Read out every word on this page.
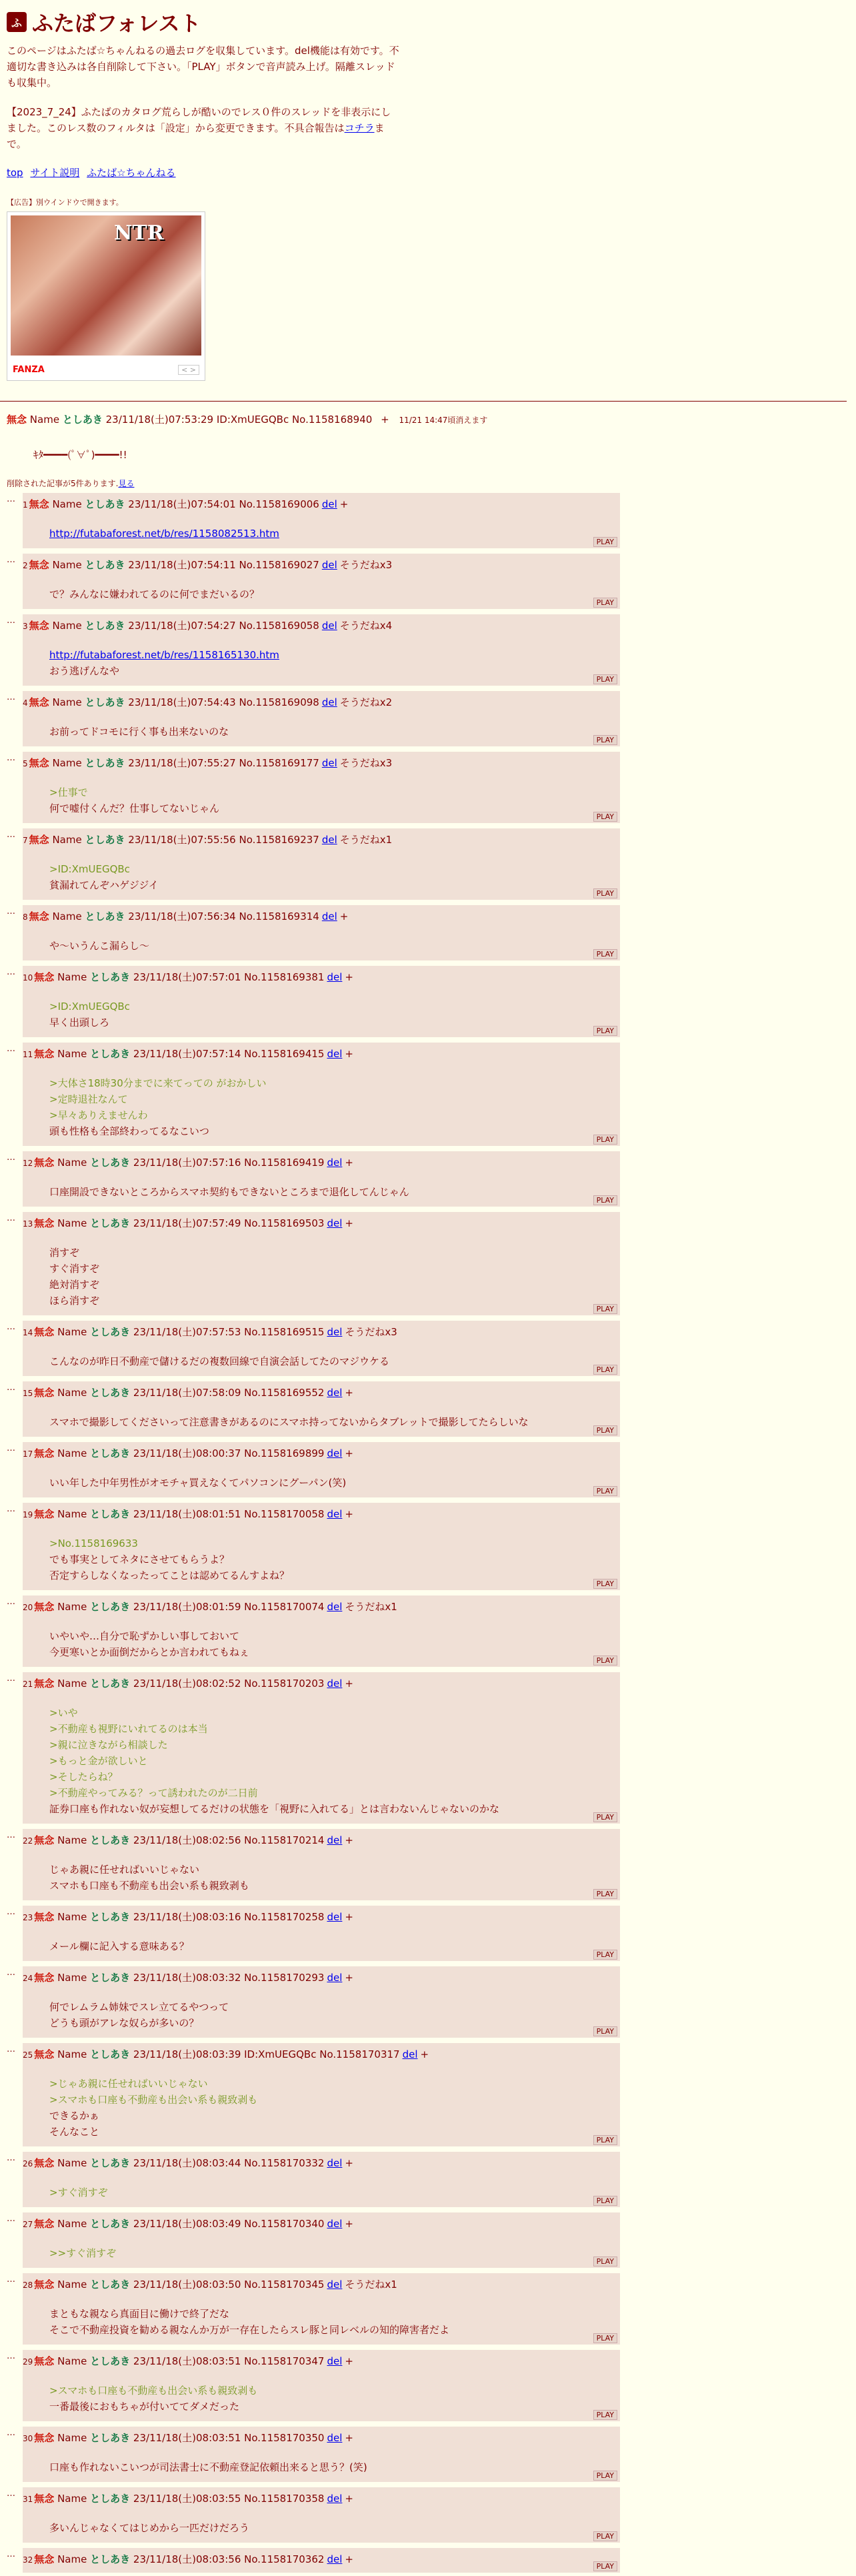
ふ ふたばフォレスト

このページはふたば☆ちゃんねるの過去ログを収集しています。del機能は有効です。不適切な書き込みは各自削除して下さい。「PLAY」ボタンで音声読み上げ。隔離スレッドも収集中。

【2023_7_24】ふたばのカタログ荒らしが酷いのでレス０件のスレッドを非表示にしました。このレス数のフィルタは「設定」から変更できます。不具合報告はコチラまで。

top サイト説明 ふたば☆ちゃんねる
【広告】別ウインドウで開きます。
NTR
FANZA	< >
無念 Name としあき 23/11/18(土)07:53:29 ID:XmUEGQBc No.1158168940 + 11/21 14:47頃消えます
ｷﾀ━━━━(ﾟ∀ﾟ)━━━━!!
削除された記事が5件あります.見る
…
1 無念 Name としあき 23/11/18(土)07:54:01 No.1158169006 del +
http://futabaforest.net/b/res/1158082513.htm

PLAY
…
2 無念 Name としあき 23/11/18(土)07:54:11 No.1158169027 del そうだねx3
で？みんなに嫌われてるのに何でまだいるの？

PLAY
…
3 無念 Name としあき 23/11/18(土)07:54:27 No.1158169058 del そうだねx4
http://futabaforest.net/b/res/1158165130.htm
おう逃げんなや

PLAY
…
4 無念 Name としあき 23/11/18(土)07:54:43 No.1158169098 del そうだねx2
お前ってドコモに行く事も出来ないのな

PLAY
…
5 無念 Name としあき 23/11/18(土)07:55:27 No.1158169177 del そうだねx3
>仕事で
何で嘘付くんだ？仕事してないじゃん

PLAY
…
7 無念 Name としあき 23/11/18(土)07:55:56 No.1158169237 del そうだねx1
>ID:XmUEGQBc
貧漏れてんぞハゲジジイ

PLAY
…
8 無念 Name としあき 23/11/18(土)07:56:34 No.1158169314 del +
や〜いうんこ漏らし〜

PLAY
…
10 無念 Name としあき 23/11/18(土)07:57:01 No.1158169381 del +
>ID:XmUEGQBc
早く出頭しろ

PLAY
…
11 無念 Name としあき 23/11/18(土)07:57:14 No.1158169415 del +
>大体さ18時30分までに来てっての がおかしい
>定時退社なんて
>早々ありえませんわ
頭も性格も全部終わってるなこいつ

PLAY
…
12 無念 Name としあき 23/11/18(土)07:57:16 No.1158169419 del +
口座開設できないところからスマホ契約もできないところまで退化してんじゃん

PLAY
…
13 無念 Name としあき 23/11/18(土)07:57:49 No.1158169503 del +
消すぞ
すぐ消すぞ
絶対消すぞ
ほら消すぞ

PLAY
…
14 無念 Name としあき 23/11/18(土)07:57:53 No.1158169515 del そうだねx3
こんなのが昨日不動産で儲けるだの複数回線で自演会話してたのマジウケる

PLAY
…
15 無念 Name としあき 23/11/18(土)07:58:09 No.1158169552 del +
スマホで撮影してくださいって注意書きがあるのにスマホ持ってないからタブレットで撮影してたらしいな

PLAY
…
17 無念 Name としあき 23/11/18(土)08:00:37 No.1158169899 del +
いい年した中年男性がオモチャ買えなくてパソコンにグーパン(笑)

PLAY
…
19 無念 Name としあき 23/11/18(土)08:01:51 No.1158170058 del +
>No.1158169633
でも事実としてネタにさせてもらうよ？
否定すらしなくなったってことは認めてるんすよね？

PLAY
…
20 無念 Name としあき 23/11/18(土)08:01:59 No.1158170074 del そうだねx1
いやいや…自分で恥ずかしい事しておいて
今更寒いとか面倒だからとか言われてもねぇ

PLAY
…
21 無念 Name としあき 23/11/18(土)08:02:52 No.1158170203 del +
>いや
>不動産も視野にいれてるのは本当
>親に泣きながら相談した
>もっと金が欲しいと
>そしたらね？
>不動産やってみる？って誘われたのが二日前
証券口座も作れない奴が妄想してるだけの状態を「視野に入れてる」とは言わないんじゃないのかな

PLAY
…
22 無念 Name としあき 23/11/18(土)08:02:56 No.1158170214 del +
じゃあ親に任せればいいじゃない
スマホも口座も不動産も出会い系も親致剥も

PLAY
…
23 無念 Name としあき 23/11/18(土)08:03:16 No.1158170258 del +
メール欄に記入する意味ある？

PLAY
…
24 無念 Name としあき 23/11/18(土)08:03:32 No.1158170293 del +
何でレムラム姉妹でスレ立てるやつって
どうも頭がアレな奴らが多いの？

PLAY
…
25 無念 Name としあき 23/11/18(土)08:03:39 ID:XmUEGQBc No.1158170317 del +
>じゃあ親に任せればいいじゃない
>スマホも口座も不動産も出会い系も親致剥も
できるかぁ
そんなこと

PLAY
…
26 無念 Name としあき 23/11/18(土)08:03:44 No.1158170332 del +
>すぐ消すぞ

PLAY
…
27 無念 Name としあき 23/11/18(土)08:03:49 No.1158170340 del +
>>すぐ消すぞ

PLAY
…
28 無念 Name としあき 23/11/18(土)08:03:50 No.1158170345 del そうだねx1
まともな親なら真面目に働けで終了だな
そこで不動産投資を勧める親なんか万が一存在したらスレ豚と同レベルの知的障害者だよ

PLAY
…
29 無念 Name としあき 23/11/18(土)08:03:51 No.1158170347 del +
>スマホも口座も不動産も出会い系も親致剥も
一番最後におもちゃが付いててダメだった

PLAY
…
30 無念 Name としあき 23/11/18(土)08:03:51 No.1158170350 del +
口座も作れないこいつが司法書士に不動産登記依頼出来ると思う？(笑)

PLAY
…
31 無念 Name としあき 23/11/18(土)08:03:55 No.1158170358 del +
多いんじゃなくてはじめから一匹だけだろう

PLAY
…
32 無念 Name としあき 23/11/18(土)08:03:56 No.1158170362 del +
PLAY
